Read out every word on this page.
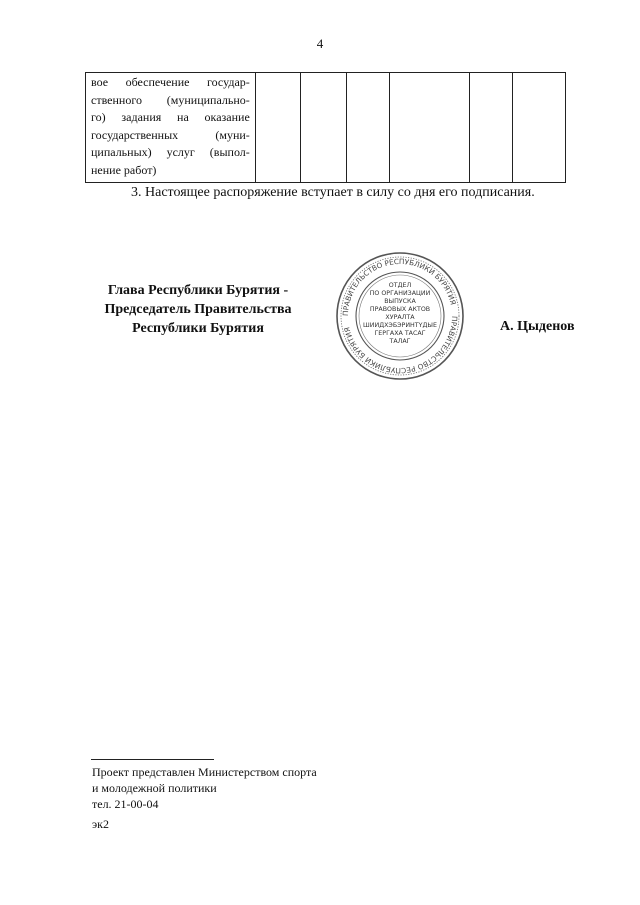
4
вое обеспечение государ-
ственного (муниципально-
го) задания на оказание
государственных (муни-
ципальных) услуг (выпол-
нение работ)

3. Настоящее распоряжение вступает в силу со дня его подписания.
Глава Республики Бурятия -
Председатель Правительства
Республики Бурятия
ПРАВИТЕЛЬСТВО РЕСПУБЛИКИ БУРЯТИЯ
ПРАВИТЕЛЬСТВО РЕСПУБЛИКИ БУРЯТИЯ
ОТДЕЛ
ПО ОРГАНИЗАЦИИ
ВЫПУСКА
ПРАВОВЫХ АКТОВ
ХУРАЛТА
ШИИДХЭБЭРИНТҮДЫЕ
ГЕРГАХА ТАСАГ
ТАЛАГ
А. Цыденов
Проект представлен Министерством спорта
и молодежной политики
тел. 21-00-04
эк2
